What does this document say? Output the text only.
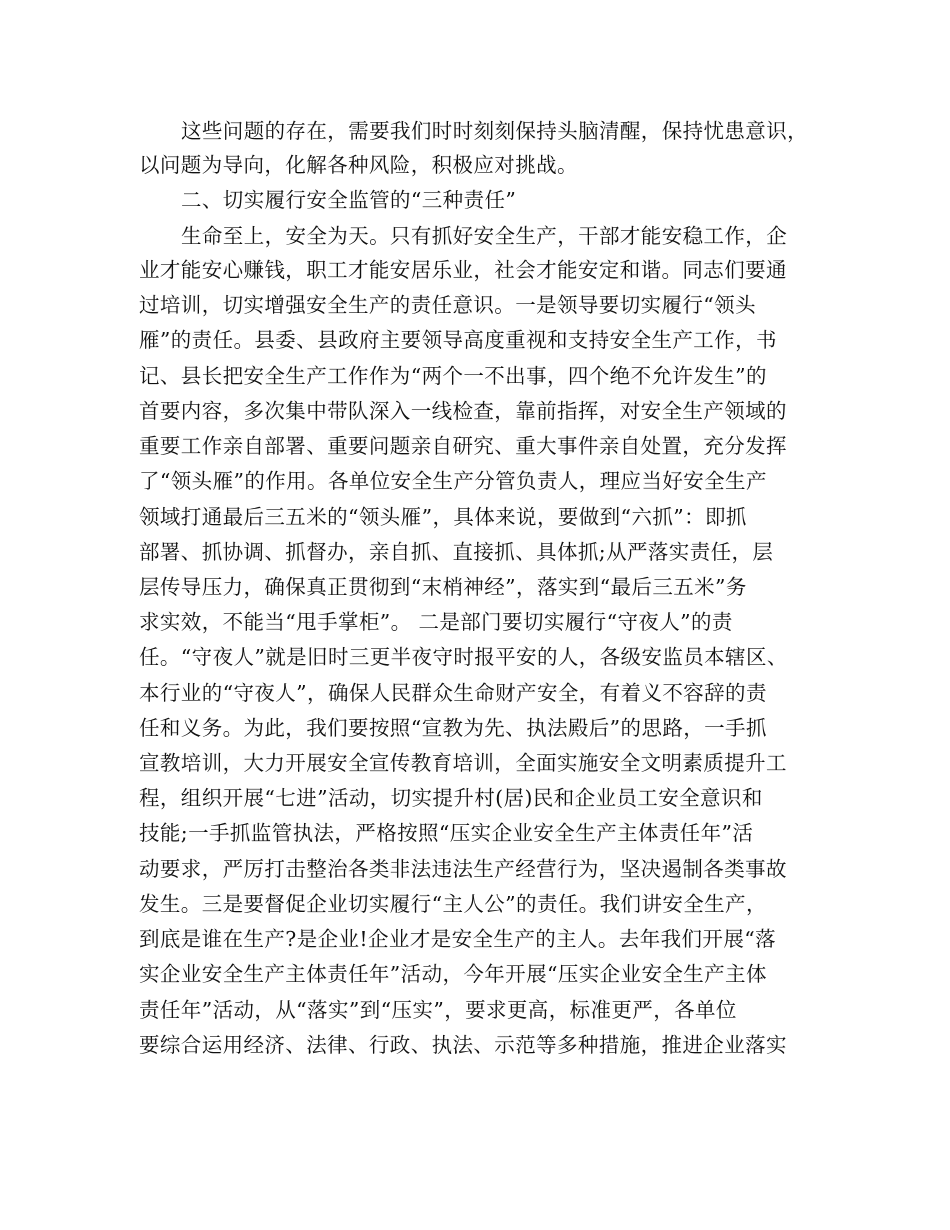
这些问题的存在，需要我们时时刻刻保持头脑清醒，保持忧患意识，
以问题为导向，化解各种风险，积极应对挑战。
二、切实履行安全监管的“三种责任”
生命至上，安全为天。只有抓好安全生产，干部才能安稳工作，企
业才能安心赚钱，职工才能安居乐业，社会才能安定和谐。同志们要通
过培训，切实增强安全生产的责任意识。一是领导要切实履行“领头
雁”的责任。县委、县政府主要领导高度重视和支持安全生产工作，书
记、县长把安全生产工作作为“两个一不出事，四个绝不允许发生”的
首要内容，多次集中带队深入一线检查，靠前指挥，对安全生产领域的
重要工作亲自部署、重要问题亲自研究、重大事件亲自处置，充分发挥
了“领头雁”的作用。各单位安全生产分管负责人，理应当好安全生产
领域打通最后三五米的“领头雁”，具体来说，要做到“六抓”：即抓
部署、抓协调、抓督办，亲自抓、直接抓、具体抓;从严落实责任，层
层传导压力，确保真正贯彻到“末梢神经”，落实到“最后三五米”务
求实效，不能当“甩手掌柜”。 二是部门要切实履行“守夜人”的责
任。“守夜人”就是旧时三更半夜守时报平安的人，各级安监员本辖区、
本行业的“守夜人”，确保人民群众生命财产安全，有着义不容辞的责
任和义务。为此，我们要按照“宣教为先、执法殿后”的思路，一手抓
宣教培训，大力开展安全宣传教育培训，全面实施安全文明素质提升工
程，组织开展“七进”活动，切实提升村(居)民和企业员工安全意识和
技能;一手抓监管执法，严格按照“压实企业安全生产主体责任年”活
动要求，严厉打击整治各类非法违法生产经营行为，坚决遏制各类事故
发生。三是要督促企业切实履行“主人公”的责任。我们讲安全生产，
到底是谁在生产?是企业!企业才是安全生产的主人。去年我们开展“落
实企业安全生产主体责任年”活动，今年开展“压实企业安全生产主体
责任年”活动，从“落实”到“压实”，要求更高，标准更严，各单位
要综合运用经济、法律、行政、执法、示范等多种措施，推进企业落实
